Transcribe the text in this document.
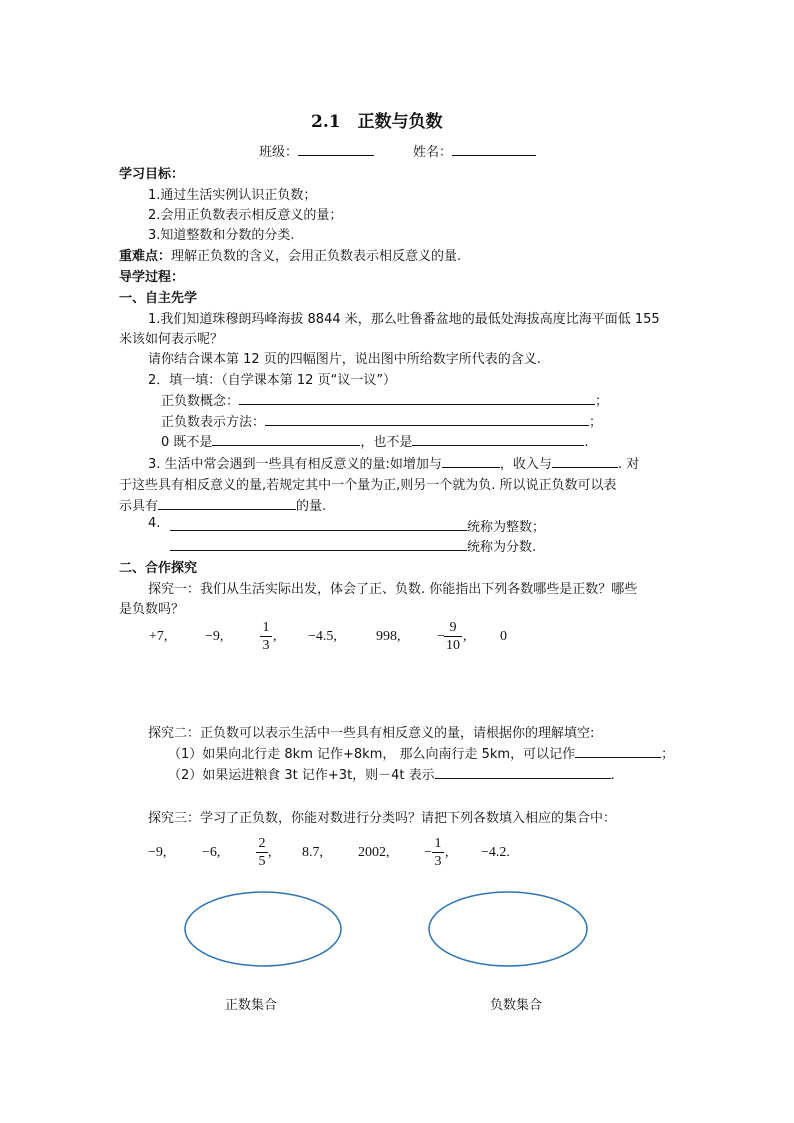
2.1　正数与负数
班级：	姓名：
学习目标：
1.通过生活实例认识正负数；
2.会用正负数表示相反意义的量；
3.知道整数和分数的分类.
重难点：理解正负数的含义，会用正负数表示相反意义的量.
导学过程：
一、自主先学
1.我们知道珠穆朗玛峰海拔 8844 米，那么吐鲁番盆地的最低处海拔高度比海平面低 155
米该如何表示呢？
请你结合课本第 12 页的四幅图片，说出图中所给数字所代表的含义.
2．填一填：（自学课本第 12 页“议一议”）
正负数概念：	；
正负数表示方法：	；
0 既不是	，也不是	.
3. 生活中常会遇到一些具有相反意义的量:如增加与	，收入与	. 对
于这些具有相反意义的量,若规定其中一个量为正,则另一个就为负. 所以说正负数可以表
示具有	的量.
4.	统称为整数；
统称为分数.
二、合作探究
探究一：我们从生活实际出发，体会了正、负数. 你能指出下列各数哪些是正数？哪些
是负数吗？
+7,	−9,
1
3
, −4.5,	998,	−
9
10
, 0
探究二：正负数可以表示生活中一些具有相反意义的量，请根据你的理解填空:
（1）如果向北行走 8km 记作+8km， 那么向南行走 5km，可以记作	；
（2）如果运进粮食 3t 记作+3t，则－4t 表示	.
探究三：学习了正负数，你能对数进行分类吗？请把下列各数填入相应的集合中：
−9,	−6,
2
5
, 8.7,	2002, −
1
3
, −4.2.
正数集合	负数集合
